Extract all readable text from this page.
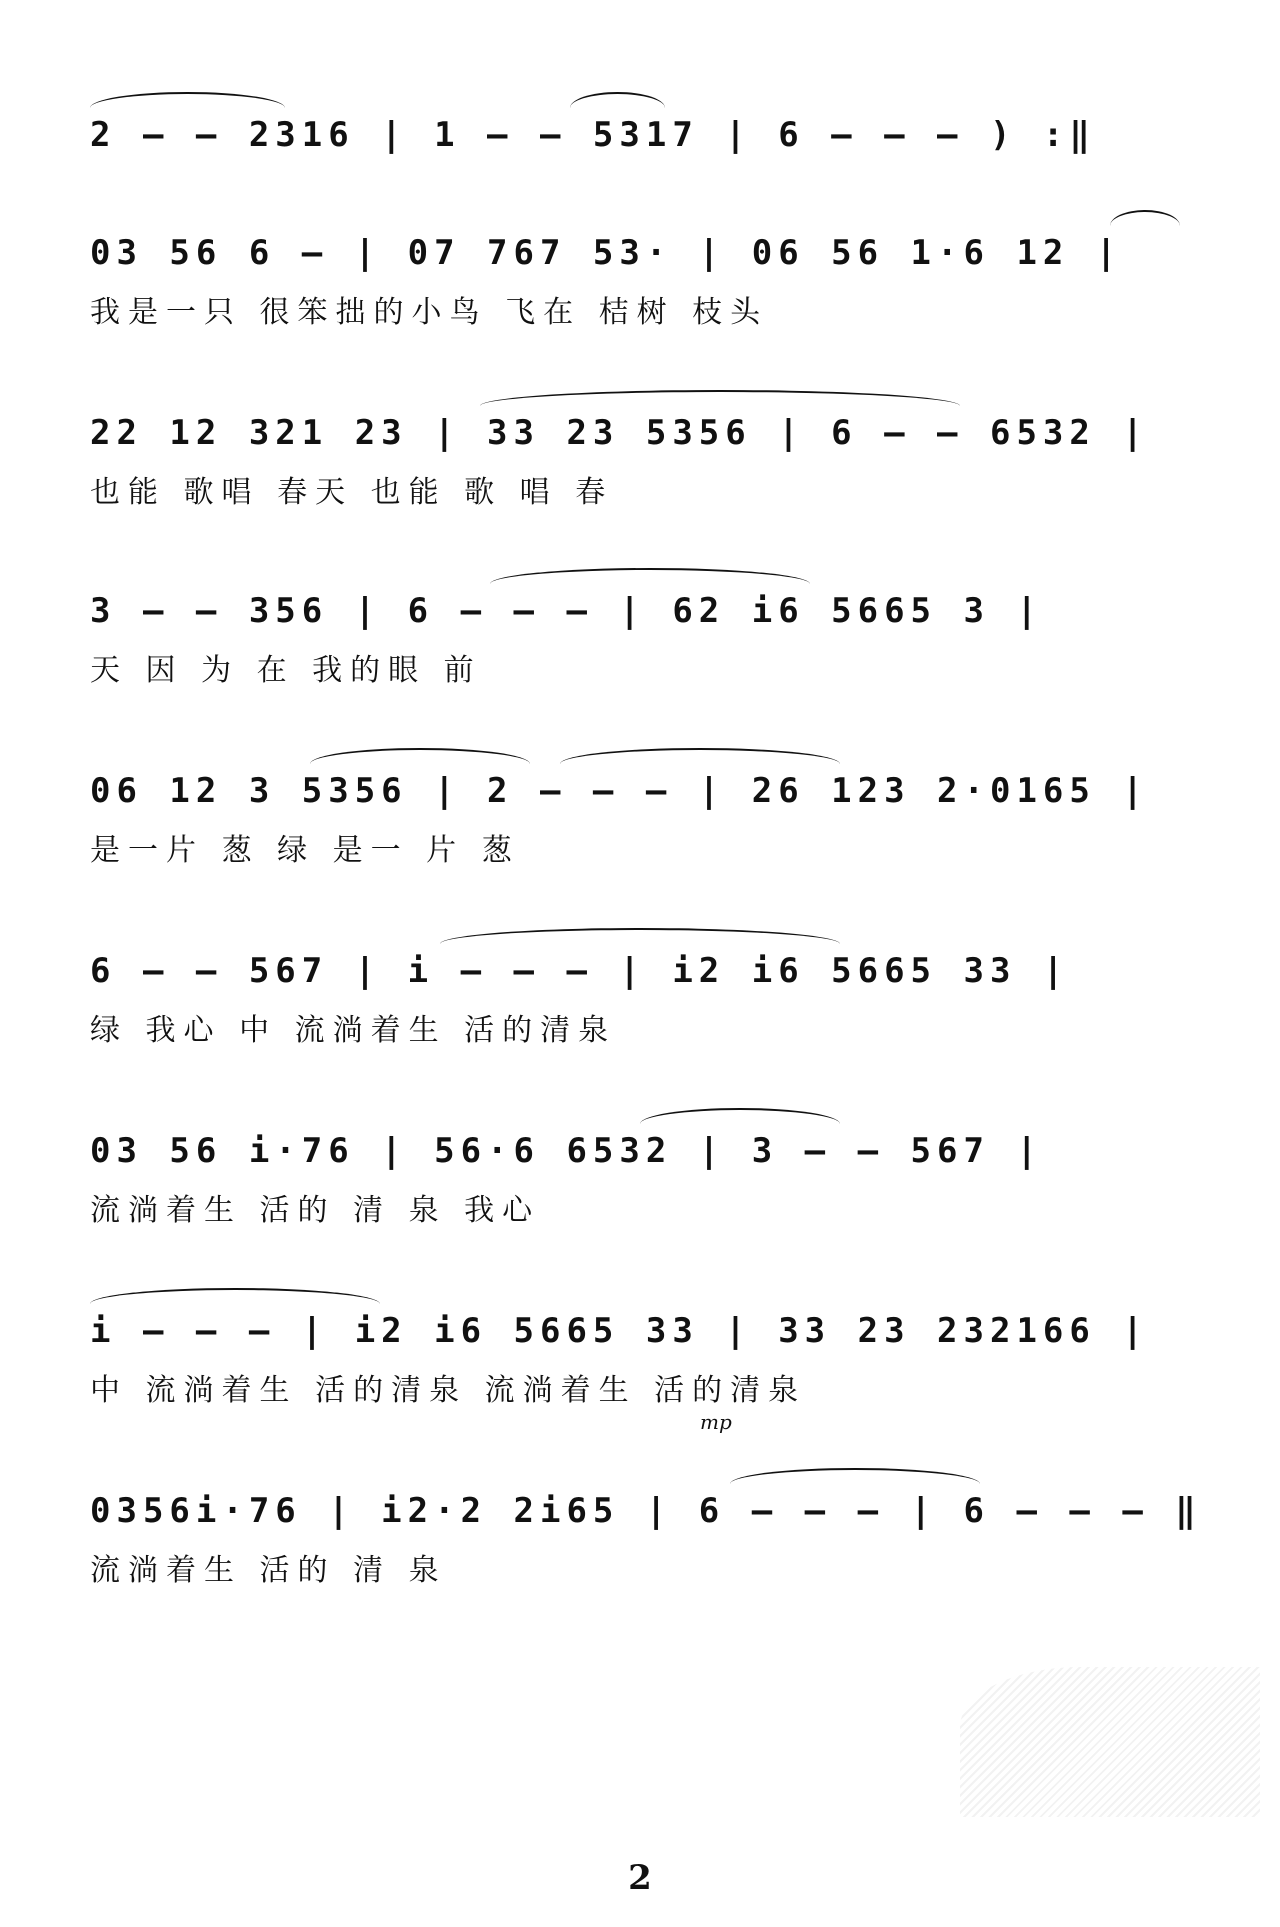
2 – – 2316 | 1 – – 5317 | 6 – – – ) :‖
03 56 6 – | 07 767 53· | 06 56 1·6 12 |
我是一只 很笨拙的小鸟 飞在 桔树 枝头
22 12 321 23 | 33 23 5356 | 6 – – 6532 |
也能 歌唱 春天 也能 歌 唱 春
3 – – 356 | 6 – – – | 62 i6 5665 3 |
天 因 为 在 我的眼 前
06 12 3 5356 | 2 – – – | 26 123 2·0165 |
是一片 葱 绿 是一 片 葱
6 – – 567 | i – – – | i2 i6 5665 33 |
绿 我心 中 流淌着生 活的清泉
03 56 i·76 | 56·6 6532 | 3 – – 567 |
流淌着生 活的 清 泉 我心
i – – – | i2 i6 5665 33 | 33 23 232166 |
中 流淌着生 活的清泉 流淌着生 活的清泉
mp
0356i·76 | i2·2 2i65 | 6 – – – | 6 – – – ‖
流淌着生 活的 清 泉
2
